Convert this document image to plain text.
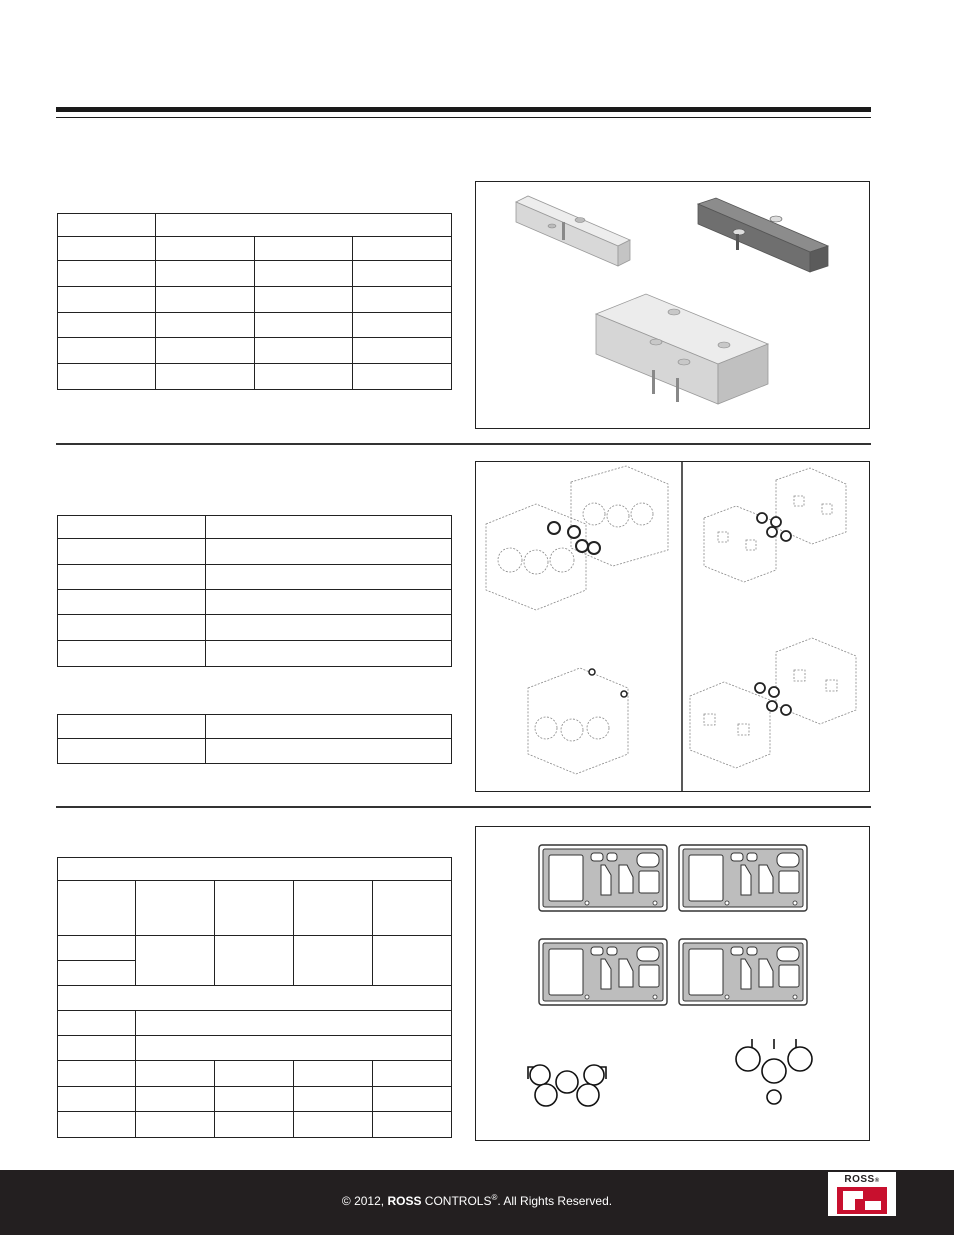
© 2012, ROSS CONTROLS®. All Rights Reserved.
ROSS®
